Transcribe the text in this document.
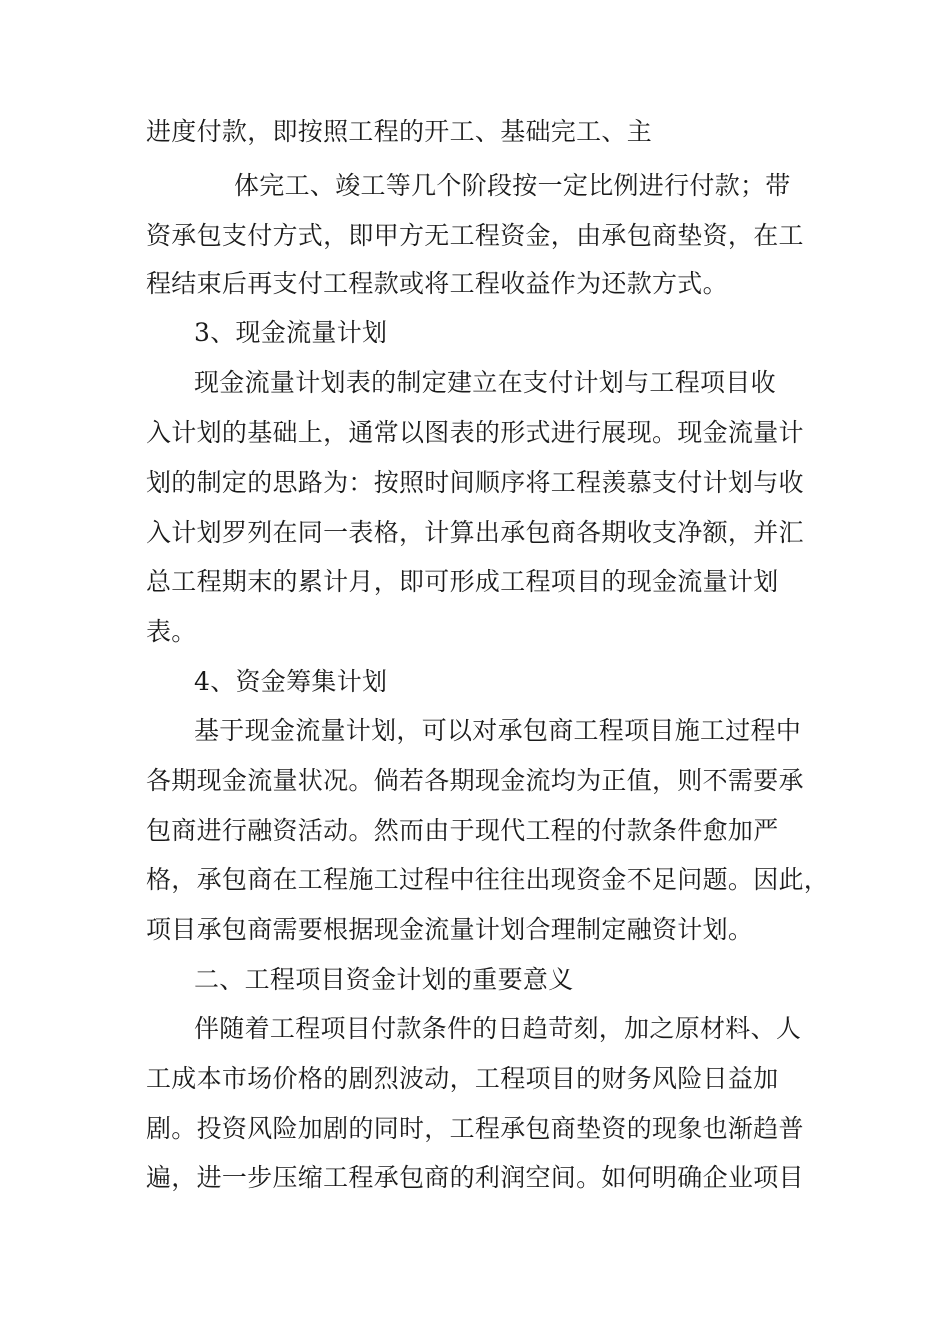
进度付款，即按照工程的开工、基础完工、主
体完工、竣工等几个阶段按一定比例进行付款；带
资承包支付方式，即甲方无工程资金，由承包商垫资，在工
程结束后再支付工程款或将工程收益作为还款方式。
3、现金流量计划
现金流量计划表的制定建立在支付计划与工程项目收
入计划的基础上，通常以图表的形式进行展现。现金流量计
划的制定的思路为：按照时间顺序将工程羡慕支付计划与收
入计划罗列在同一表格，计算出承包商各期收支净额，并汇
总工程期末的累计月，即可形成工程项目的现金流量计划
表。
4、资金筹集计划
基于现金流量计划，可以对承包商工程项目施工过程中
各期现金流量状况。倘若各期现金流均为正值，则不需要承
包商进行融资活动。然而由于现代工程的付款条件愈加严
格，承包商在工程施工过程中往往出现资金不足问题。因此，
项目承包商需要根据现金流量计划合理制定融资计划。
二、工程项目资金计划的重要意义
伴随着工程项目付款条件的日趋苛刻，加之原材料、人
工成本市场价格的剧烈波动，工程项目的财务风险日益加
剧。投资风险加剧的同时，工程承包商垫资的现象也渐趋普
遍，进一步压缩工程承包商的利润空间。如何明确企业项目
